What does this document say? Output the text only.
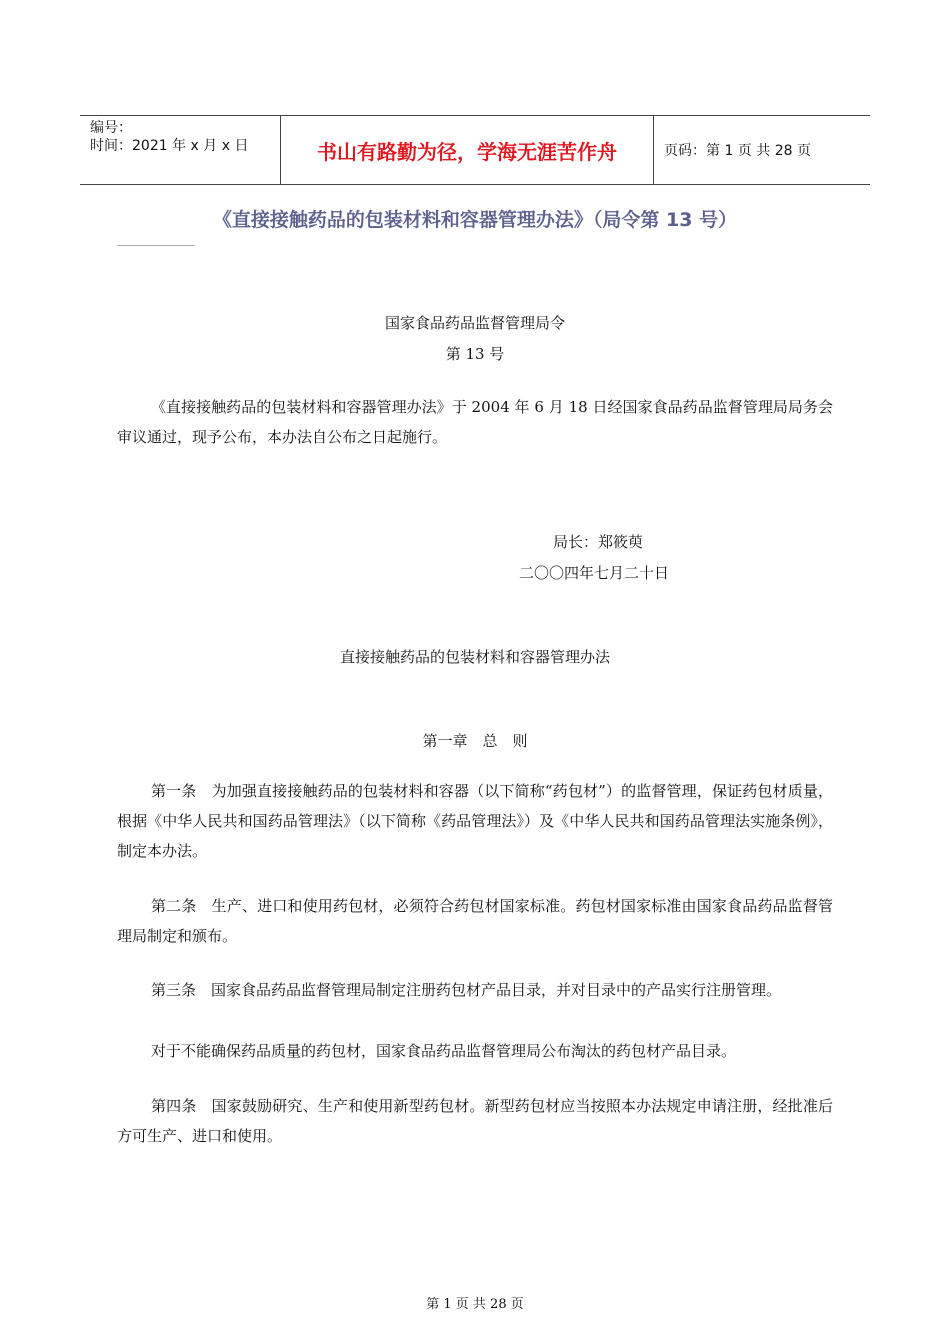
编号：
时间：2021 年 x 月 x 日	书山有路勤为径，学海无涯苦作舟	页码：第 1 页 共 28 页
《直接接触药品的包装材料和容器管理办法》（局令第 13 号）
国家食品药品监督管理局令
第 13 号
《直接接触药品的包装材料和容器管理办法》于 2004 年 6 月 18 日经国家食品药品监督管理局局务会审议通过，现予公布，本办法自公布之日起施行。
局长：郑筱萸
二〇〇四年七月二十日
直接接触药品的包装材料和容器管理办法
第一章　总　则
第一条　为加强直接接触药品的包装材料和容器（以下简称“药包材”）的监督管理，保证药包材质量，根据《中华人民共和国药品管理法》（以下简称《药品管理法》）及《中华人民共和国药品管理法实施条例》，制定本办法。
第二条　生产、进口和使用药包材，必须符合药包材国家标准。药包材国家标准由国家食品药品监督管理局制定和颁布。
第三条　国家食品药品监督管理局制定注册药包材产品目录，并对目录中的产品实行注册管理。
对于不能确保药品质量的药包材，国家食品药品监督管理局公布淘汰的药包材产品目录。
第四条　国家鼓励研究、生产和使用新型药包材。新型药包材应当按照本办法规定申请注册，经批准后方可生产、进口和使用。
第 1 页 共 28 页
